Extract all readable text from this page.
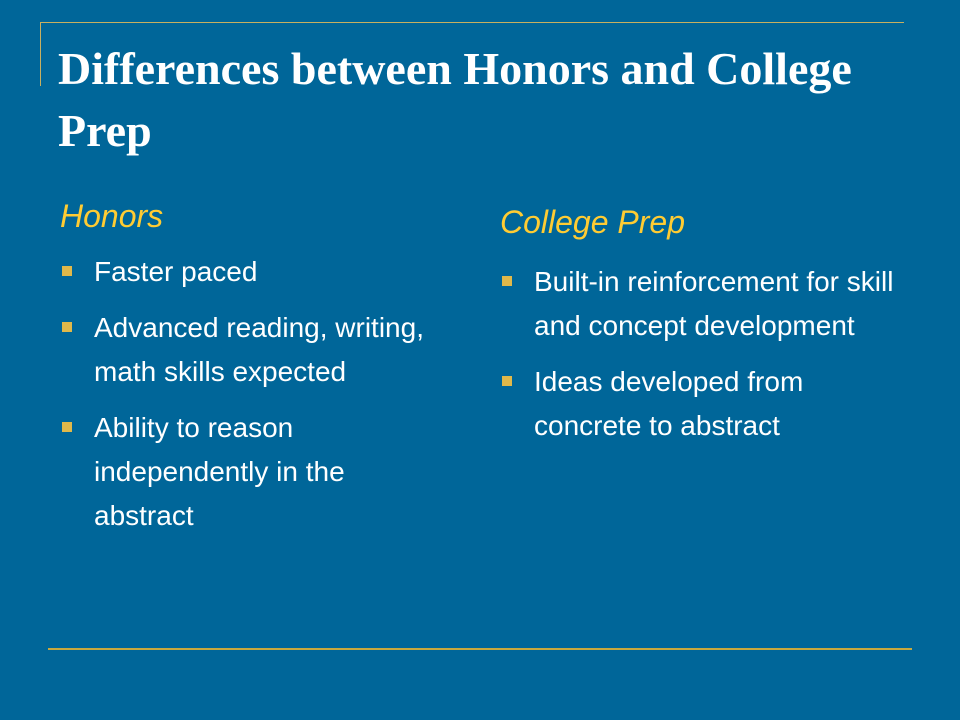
Differences between Honors and College Prep
Honors
Faster paced
Advanced reading, writing, math skills expected
Ability to reason independently in the abstract
College Prep
Built-in reinforcement for skill and concept development
Ideas developed from concrete to abstract
